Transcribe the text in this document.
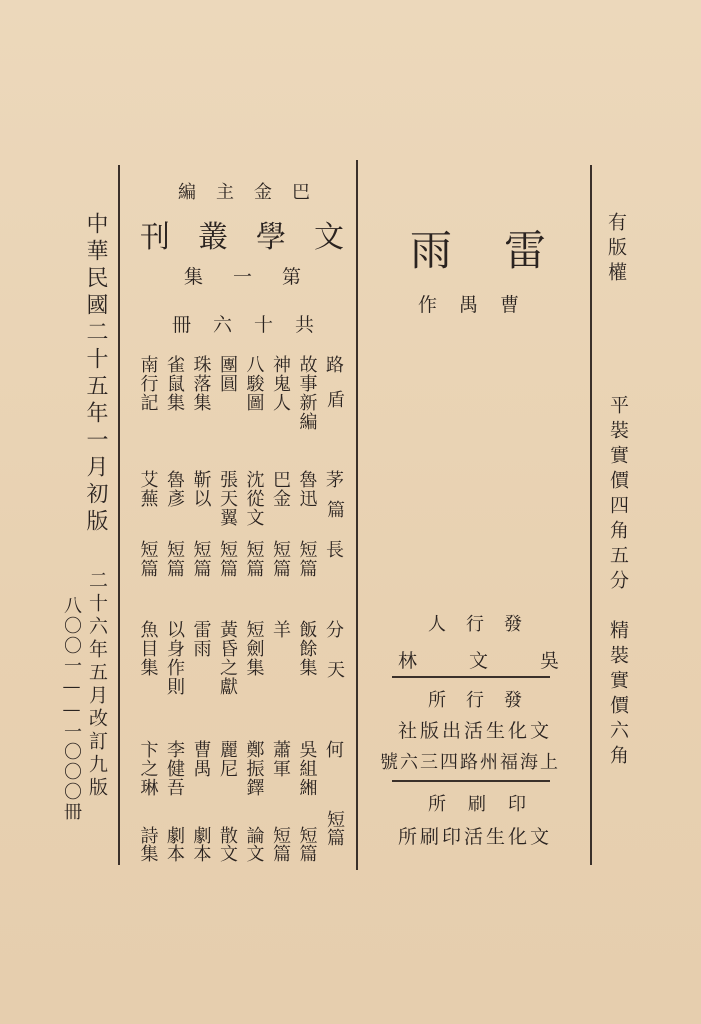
有版權
平裝實價四角五分
精裝實價六角
雷雨
曹禺作
發行人
吳文林
發行所
文化生活出版社
上海福州路四三六號
印刷所
文化生活印刷所
巴金主編
文學叢刊
第一集
共十六冊
路
茅
長
分
何
故事新編
魯迅
短篇
飯餘集
吳組緗
神鬼人
巴金
短篇
羊
蕭軍
八駿圖
沈從文
短篇
短劍集
鄭振鐸
團圓
張天翼
短篇
黃昏之獻
麗尼
珠落集
靳以
短篇
雷雨
曹禺
雀鼠集
魯彥
短篇
以身作則
李健吾
南行記
艾蕪
短篇
魚目集
卞之琳
盾
篇
天
短篇
短篇
短篇
論文
散文
劇本
劇本
詩集
中華民國二十五年一月初版
二十六年五月改訂九版
八〇〇一——一〇〇〇冊
